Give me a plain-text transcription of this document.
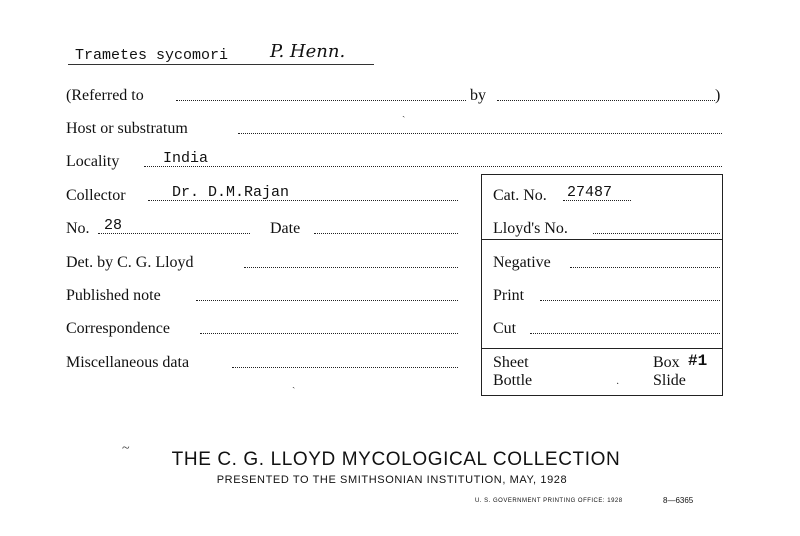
Trametes sycomori P. Henn.
(Referred to	by	)
Host or substratum
Locality	India
Collector	Dr. D.M.Rajan	Cat. No. 27487
No. 28	Date	Lloyd's No.
Det. by C. G. Lloyd	Negative
Published note	Print
Correspondence	Cut
Miscellaneous data	Sheet	Box #1
Bottle	Slide
ˎ
ˎ	·
~
THE C. G. LLOYD MYCOLOGICAL COLLECTION
PRESENTED TO THE SMITHSONIAN INSTITUTION, MAY, 1928
U. S. GOVERNMENT PRINTING OFFICE: 1928	8—6365
